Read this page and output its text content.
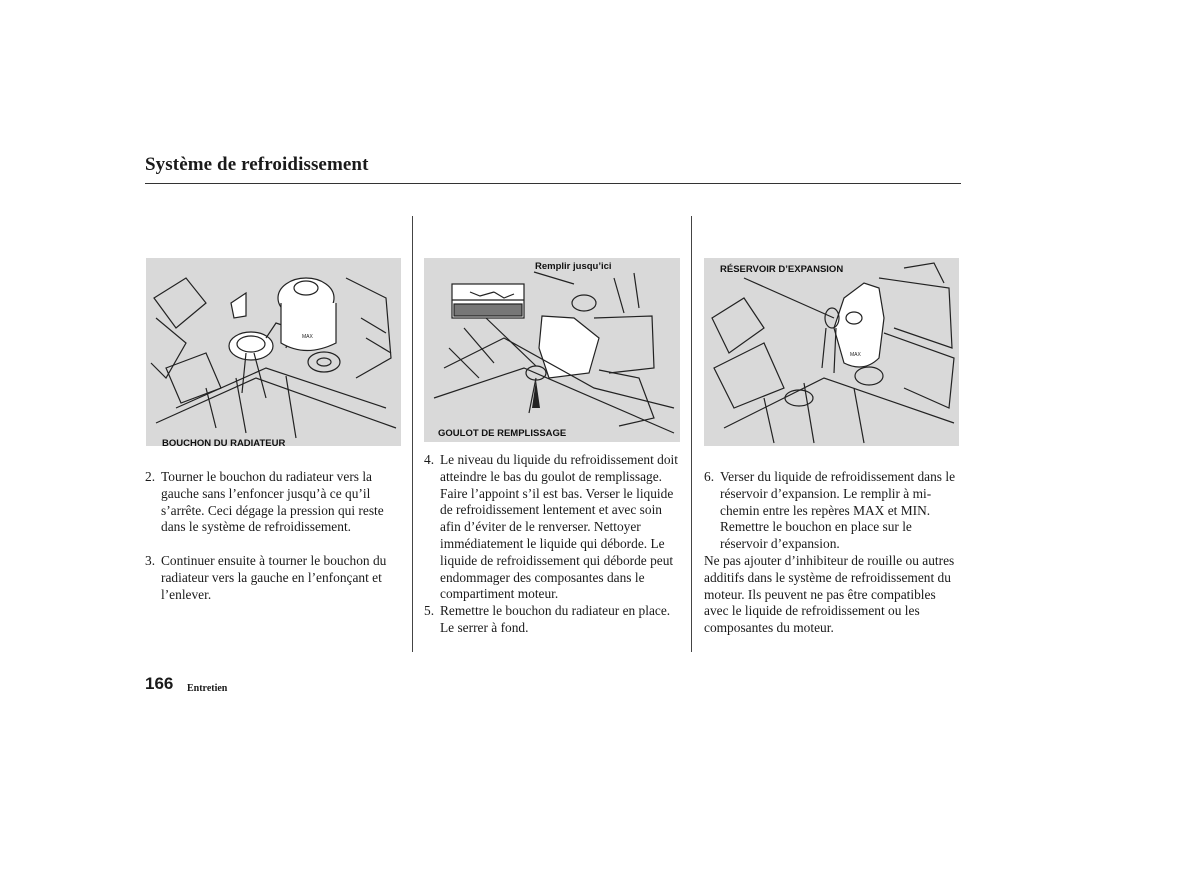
Système de refroidissement
MAX
BOUCHON DU RADIATEUR
Remplir jusqu’ici
GOULOT DE REMPLISSAGE
MAX
RÉSERVOIR D’EXPANSION
2. Tourner le bouchon du radiateur vers la gauche sans l’enfoncer jusqu’à ce qu’il s’arrête. Ceci dégage la pression qui reste dans le système de refroidissement.
3. Continuer ensuite à tourner le bouchon du radiateur vers la gauche en l’enfonçant et l’enlever.
4. Le niveau du liquide du refroidissement doit atteindre le bas du goulot de remplissage. Faire l’appoint s’il est bas. Verser le liquide de refroidissement lentement et avec soin afin d’éviter de le renverser. Nettoyer immédiatement le liquide qui déborde. Le liquide de refroidissement qui déborde peut endommager des composantes dans le compartiment moteur.
5. Remettre le bouchon du radiateur en place. Le serrer à fond.
6. Verser du liquide de refroidissement dans le réservoir d’expansion. Le remplir à mi-chemin entre les repères MAX et MIN. Remettre le bouchon en place sur le réservoir d’expansion.
Ne pas ajouter d’inhibiteur de rouille ou autres additifs dans le système de refroidissement du moteur. Ils peuvent ne pas être compatibles avec le liquide de refroidissement ou les composantes du moteur.
166 Entretien
